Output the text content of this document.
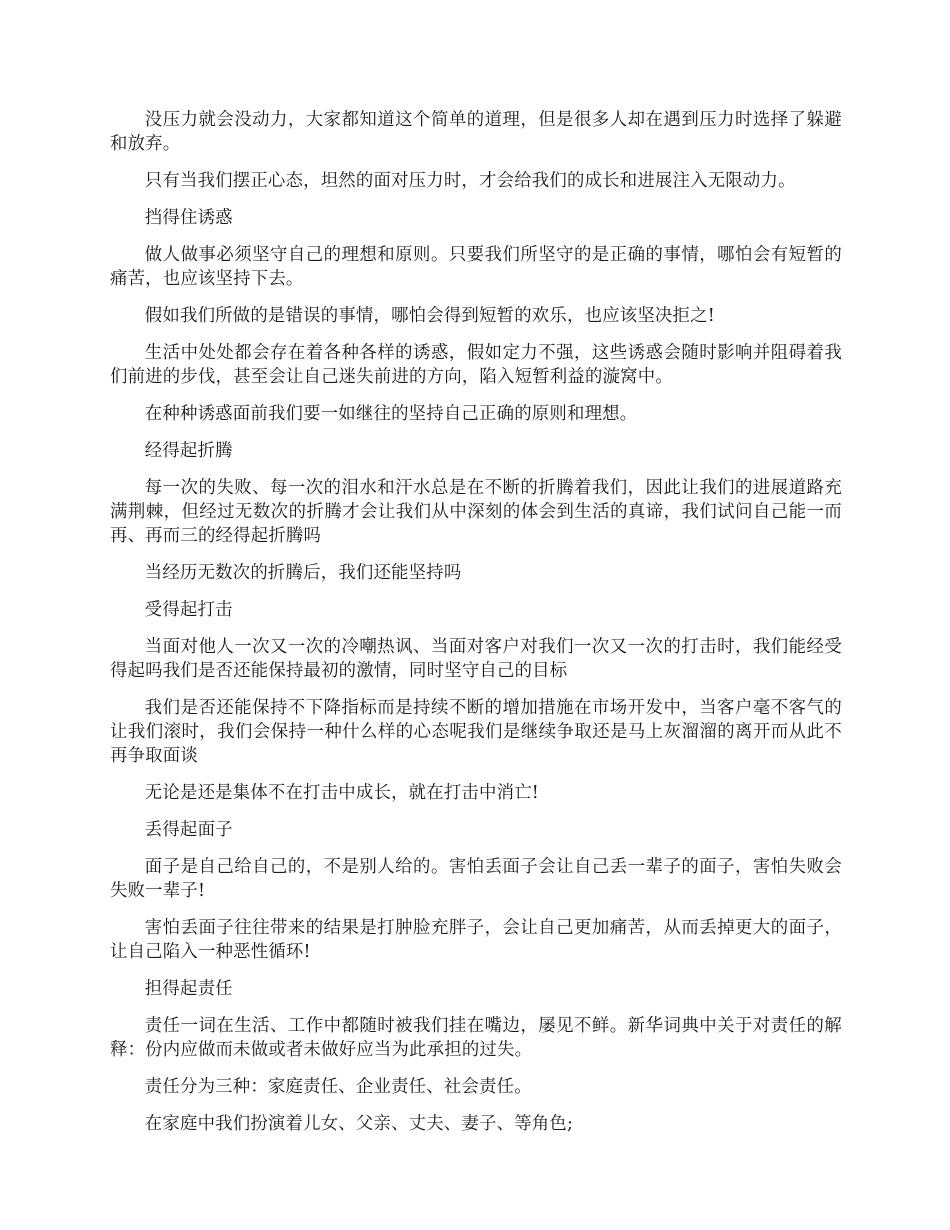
没压力就会没动力，大家都知道这个简单的道理，但是很多人却在遇到压力时选择了躲避和放弃。

只有当我们摆正心态，坦然的面对压力时，才会给我们的成长和进展注入无限动力。

挡得住诱惑

做人做事必须坚守自己的理想和原则。只要我们所坚守的是正确的事情，哪怕会有短暂的痛苦，也应该坚持下去。

假如我们所做的是错误的事情，哪怕会得到短暂的欢乐，也应该坚决拒之!

生活中处处都会存在着各种各样的诱惑，假如定力不强，这些诱惑会随时影响并阻碍着我们前进的步伐，甚至会让自己迷失前进的方向，陷入短暂利益的漩窝中。

在种种诱惑面前我们要一如继往的坚持自己正确的原则和理想。

经得起折腾

每一次的失败、每一次的泪水和汗水总是在不断的折腾着我们，因此让我们的进展道路充满荆棘，但经过无数次的折腾才会让我们从中深刻的体会到生活的真谛，我们试问自己能一而再、再而三的经得起折腾吗

当经历无数次的折腾后，我们还能坚持吗

受得起打击

当面对他人一次又一次的冷嘲热讽、当面对客户对我们一次又一次的打击时，我们能经受得起吗我们是否还能保持最初的激情，同时坚守自己的目标

我们是否还能保持不下降指标而是持续不断的增加措施在市场开发中，当客户毫不客气的让我们滚时，我们会保持一种什么样的心态呢我们是继续争取还是马上灰溜溜的离开而从此不再争取面谈

无论是还是集体不在打击中成长，就在打击中消亡!

丢得起面子

面子是自己给自己的，不是别人给的。害怕丢面子会让自己丢一辈子的面子，害怕失败会失败一辈子!

害怕丢面子往往带来的结果是打肿脸充胖子，会让自己更加痛苦，从而丢掉更大的面子，让自己陷入一种恶性循环!

担得起责任

责任一词在生活、工作中都随时被我们挂在嘴边，屡见不鲜。新华词典中关于对责任的解释：份内应做而未做或者未做好应当为此承担的过失。

责任分为三种：家庭责任、企业责任、社会责任。

在家庭中我们扮演着儿女、父亲、丈夫、妻子、等角色;
